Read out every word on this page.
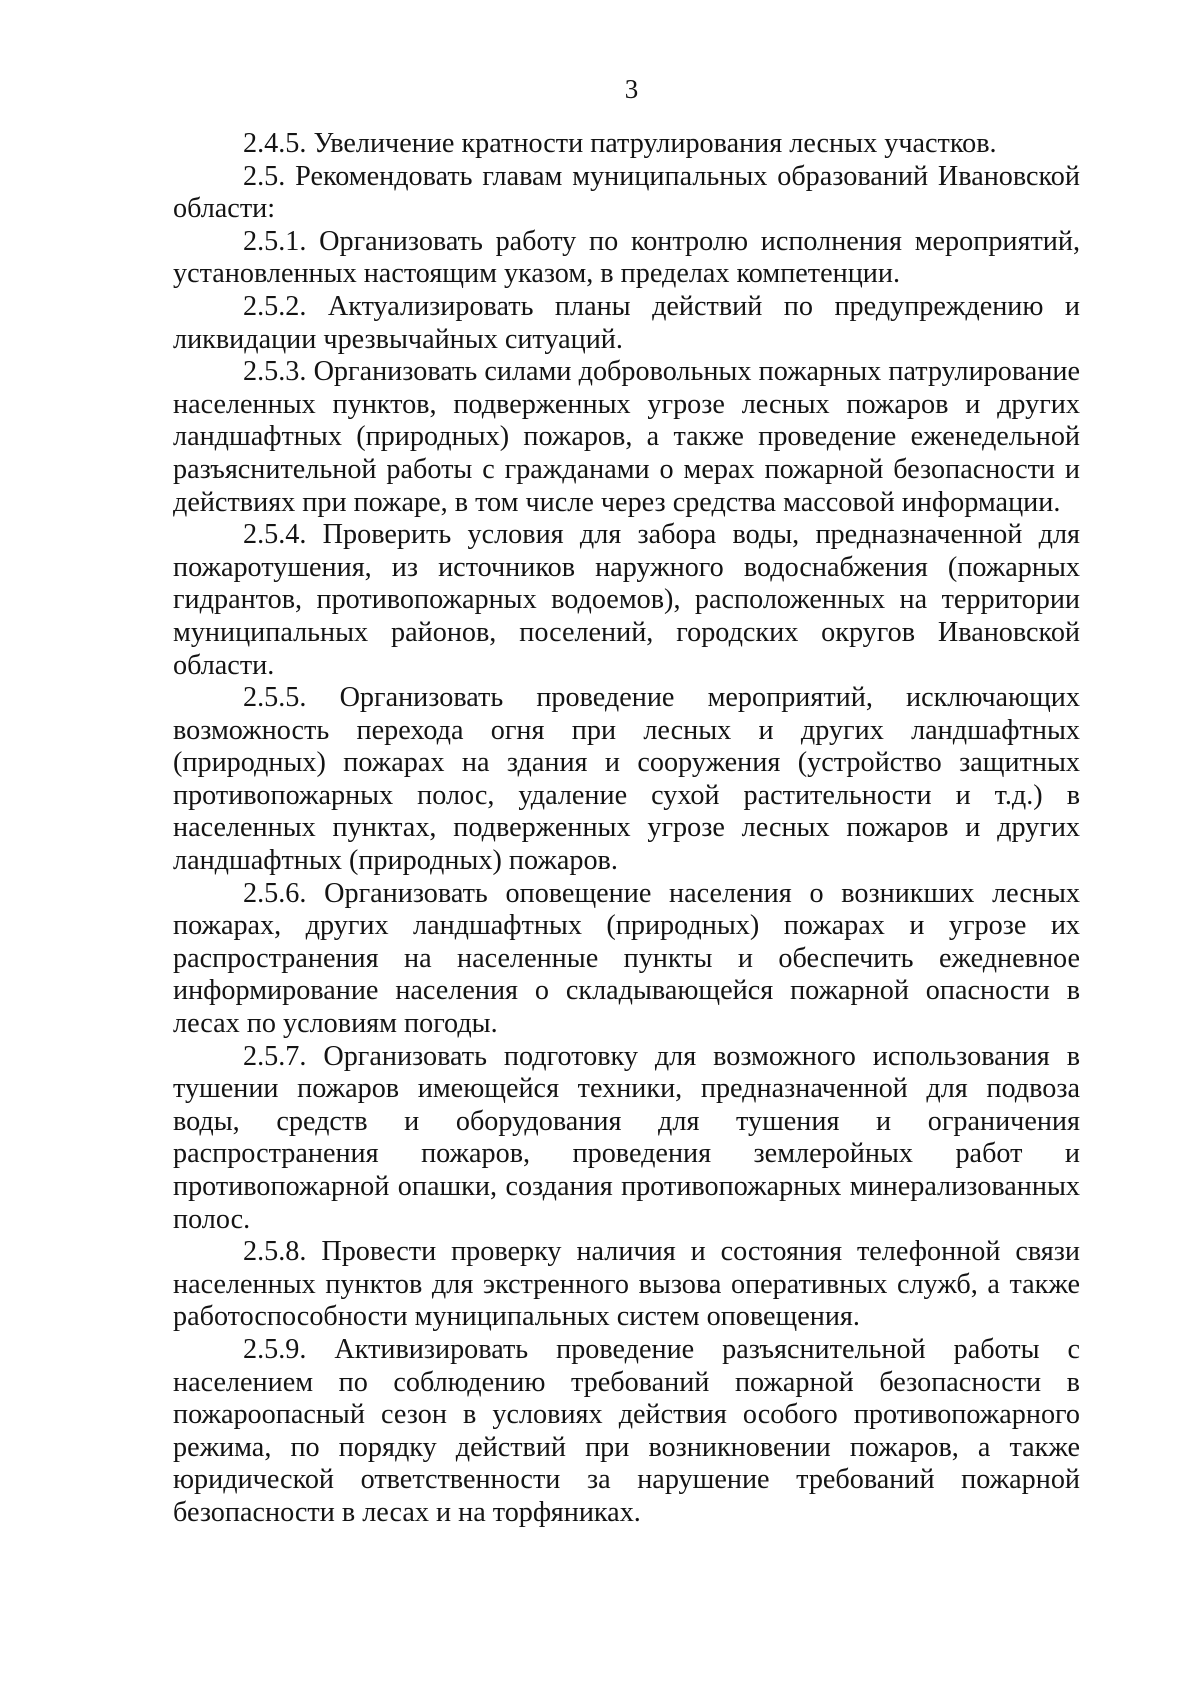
3

2.4.5. Увеличение кратности патрулирования лесных участков.

2.5. Рекомендовать главам муниципальных образований Ивановской области:

2.5.1. Организовать работу по контролю исполнения мероприятий, установленных настоящим указом, в пределах компетенции.

2.5.2. Актуализировать планы действий по предупреждению и ликвидации чрезвычайных ситуаций.

2.5.3. Организовать силами добровольных пожарных патрулирование населенных пунктов, подверженных угрозе лесных пожаров и других ландшафтных (природных) пожаров, а также проведение еженедельной разъяснительной работы с гражданами о мерах пожарной безопасности и действиях при пожаре, в том числе через средства массовой информации.

2.5.4. Проверить условия для забора воды, предназначенной для пожаротушения, из источников наружного водоснабжения (пожарных гидрантов, противопожарных водоемов), расположенных на территории муниципальных районов, поселений, городских округов Ивановской области.

2.5.5. Организовать проведение мероприятий, исключающих возможность перехода огня при лесных и других ландшафтных (природных) пожарах на здания и сооружения (устройство защитных противопожарных полос, удаление сухой растительности и т.д.) в населенных пунктах, подверженных угрозе лесных пожаров и других ландшафтных (природных) пожаров.

2.5.6. Организовать оповещение населения о возникших лесных пожарах, других ландшафтных (природных) пожарах и угрозе их распространения на населенные пункты и обеспечить ежедневное информирование населения о складывающейся пожарной опасности в лесах по условиям погоды.

2.5.7. Организовать подготовку для возможного использования в тушении пожаров имеющейся техники, предназначенной для подвоза воды, средств и оборудования для тушения и ограничения распространения пожаров, проведения землеройных работ и противопожарной опашки, создания противопожарных минерализованных полос.

2.5.8. Провести проверку наличия и состояния телефонной связи населенных пунктов для экстренного вызова оперативных служб, а также работоспособности муниципальных систем оповещения.

2.5.9. Активизировать проведение разъяснительной работы с населением по соблюдению требований пожарной безопасности в пожароопасный сезон в условиях действия особого противопожарного режима, по порядку действий при возникновении пожаров, а также юридической ответственности за нарушение требований пожарной безопасности в лесах и на торфяниках.
